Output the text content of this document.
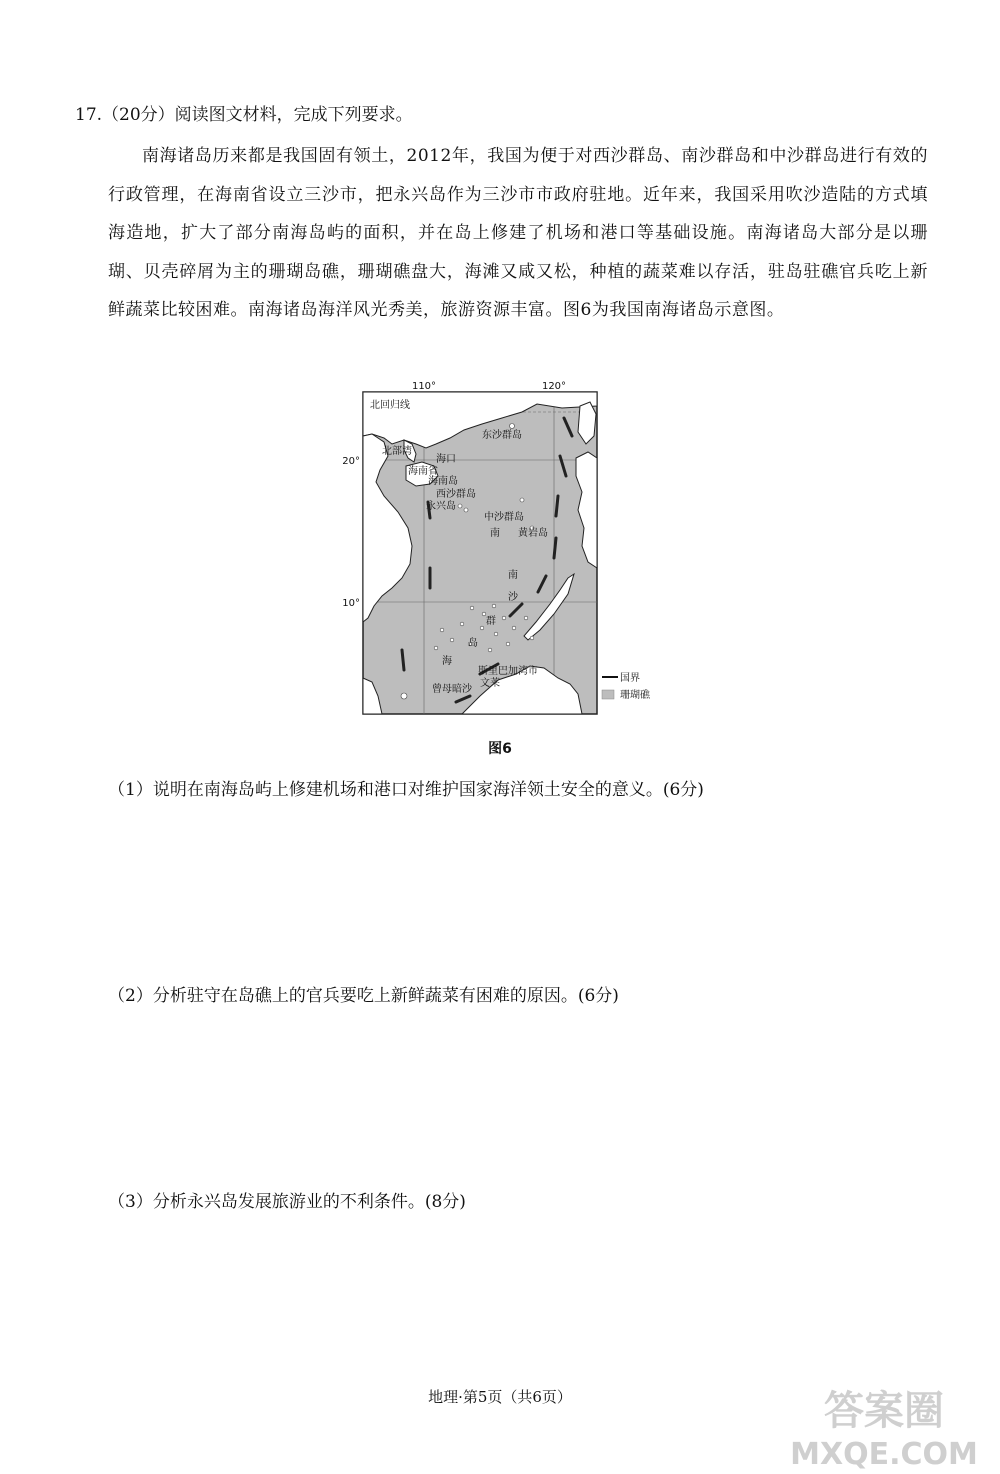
17.（20分）阅读图文材料，完成下列要求。
南海诸岛历来都是我国固有领土，2012年，我国为便于对西沙群岛、南沙群岛和中沙群岛进行有效的行政管理，在海南省设立三沙市，把永兴岛作为三沙市市政府驻地。近年来，我国采用吹沙造陆的方式填海造地，扩大了部分南海岛屿的面积，并在岛上修建了机场和港口等基础设施。南海诸岛大部分是以珊瑚、贝壳碎屑为主的珊瑚岛礁，珊瑚礁盘大，海滩又咸又松，种植的蔬菜难以存活，驻岛驻礁官兵吃上新鲜蔬菜比较困难。南海诸岛海洋风光秀美，旅游资源丰富。图6为我国南海诸岛示意图。
110°	120°
20°
10°
北回归线
北部湾
海口
海南省
海南岛
西沙群岛
永兴岛
东沙群岛
中沙群岛
南 黄岩岛
南
沙
群
岛
海
斯里巴加湾市
文莱
曾母暗沙
国界
珊瑚礁
图6
（1）说明在南海岛屿上修建机场和港口对维护国家海洋领土安全的意义。(6分)
（2）分析驻守在岛礁上的官兵要吃上新鲜蔬菜有困难的原因。(6分)
（3）分析永兴岛发展旅游业的不利条件。(8分)
地理·第5页（共6页）	答案圈
MXQE.COM
